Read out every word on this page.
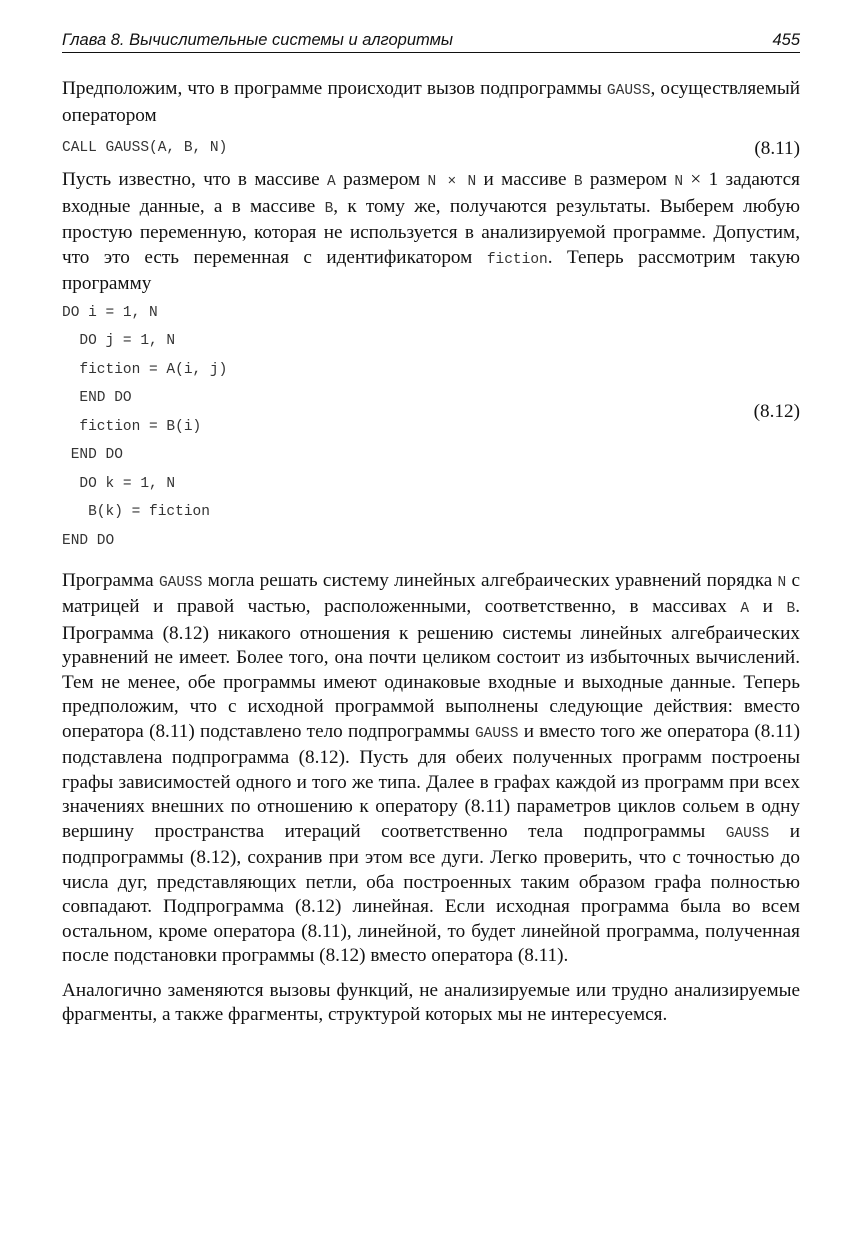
Глава 8. Вычислительные системы и алгоритмы	455

Предположим, что в программе происходит вызов подпрограммы GAUSS, осуществляемый оператором

CALL GAUSS(A, B, N)	(8.11)

Пусть известно, что в массиве A размером N × N и массиве B размером N × 1 задаются входные данные, а в массиве B, к тому же, получаются результаты. Выберем любую простую переменную, которая не используется в анализируемой программе. Допустим, что это есть переменная с идентификатором fiction. Теперь рассмотрим такую программу

DO i = 1, N
DO j = 1, N
fiction = A(i, j)
END DO
fiction = B(i)
END DO
DO k = 1, N
B(k) = fiction
END DO
(8.12)

Программа GAUSS могла решать систему линейных алгебраических уравнений порядка N с матрицей и правой частью, расположенными, соответственно, в массивах A и B. Программа (8.12) никакого отношения к решению системы линейных алгебраических уравнений не имеет. Более того, она почти целиком состоит из избыточных вычислений. Тем не менее, обе программы имеют одинаковые входные и выходные данные. Теперь предположим, что с исходной программой выполнены следующие действия: вместо оператора (8.11) подставлено тело подпрограммы GAUSS и вместо того же оператора (8.11) подставлена подпрограмма (8.12). Пусть для обеих полученных программ построены графы зависимостей одного и того же типа. Далее в графах каждой из программ при всех значениях внешних по отношению к оператору (8.11) параметров циклов сольем в одну вершину пространства итераций соответственно тела подпрограммы GAUSS и подпрограммы (8.12), сохранив при этом все дуги. Легко проверить, что с точностью до числа дуг, представляющих петли, оба построенных таким образом графа полностью совпадают. Подпрограмма (8.12) линейная. Если исходная программа была во всем остальном, кроме оператора (8.11), линейной, то будет линейной программа, полученная после подстановки программы (8.12) вместо оператора (8.11).

Аналогично заменяются вызовы функций, не анализируемые или трудно анализируемые фрагменты, а также фрагменты, структурой которых мы не интересуемся.
